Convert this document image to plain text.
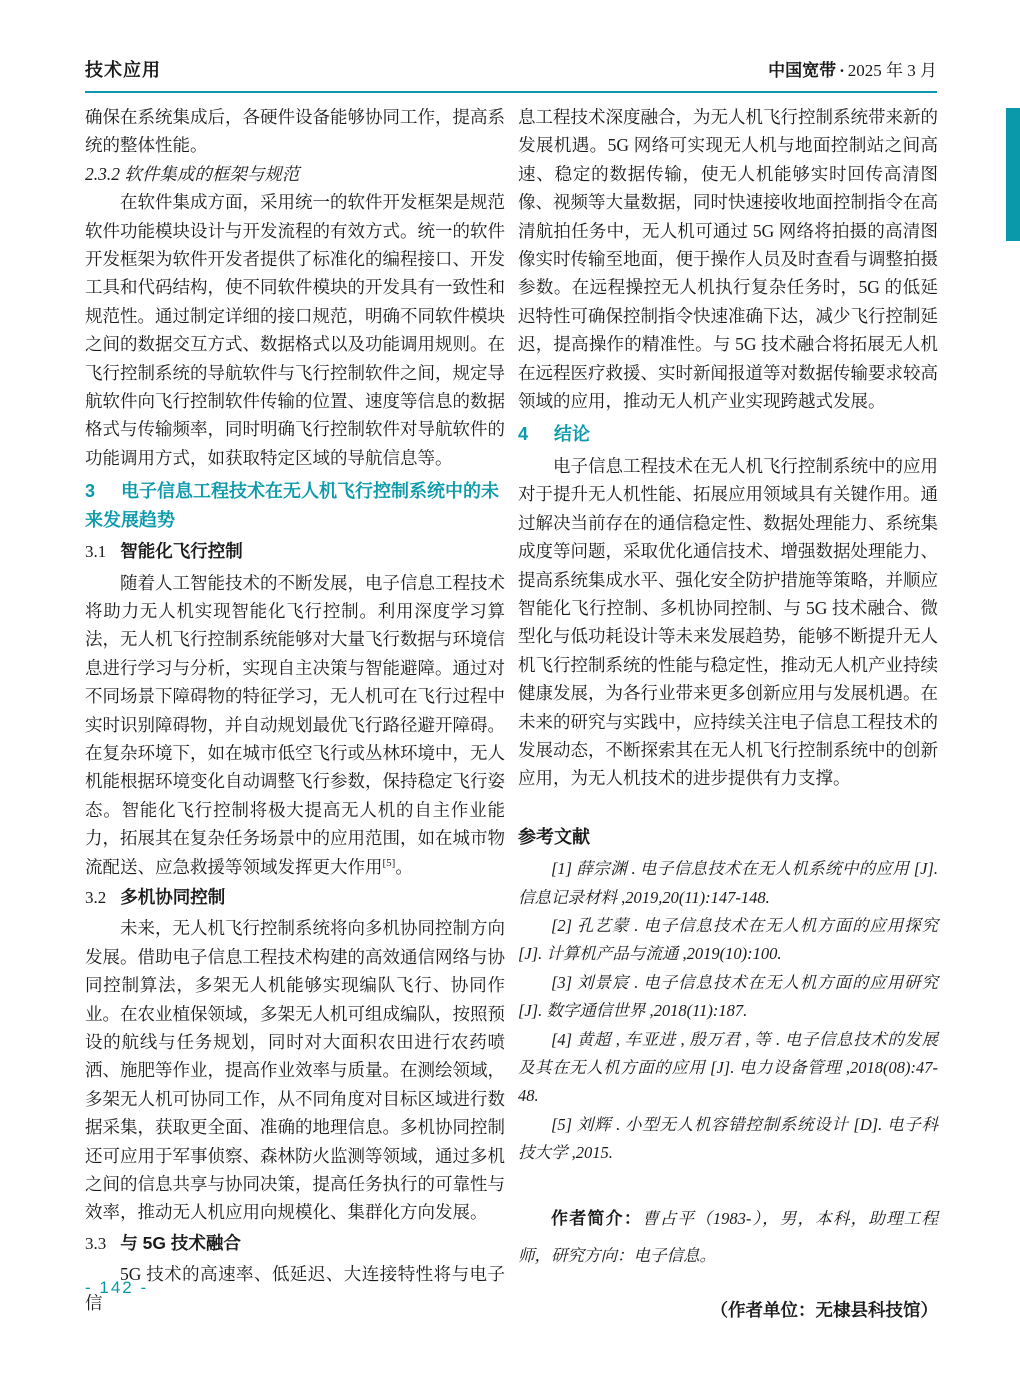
技术应用	中国宽带 · 2025 年 3 月

确保在系统集成后，各硬件设备能够协同工作，提高系统的整体性能。

2.3.2 软件集成的框架与规范

在软件集成方面，采用统一的软件开发框架是规范软件功能模块设计与开发流程的有效方式。统一的软件开发框架为软件开发者提供了标准化的编程接口、开发工具和代码结构，使不同软件模块的开发具有一致性和规范性。通过制定详细的接口规范，明确不同软件模块之间的数据交互方式、数据格式以及功能调用规则。在飞行控制系统的导航软件与飞行控制软件之间，规定导航软件向飞行控制软件传输的位置、速度等信息的数据格式与传输频率，同时明确飞行控制软件对导航软件的功能调用方式，如获取特定区域的导航信息等。

3 电子信息工程技术在无人机飞行控制系统中的未来发展趋势

3.1 智能化飞行控制

随着人工智能技术的不断发展，电子信息工程技术将助力无人机实现智能化飞行控制。利用深度学习算法，无人机飞行控制系统能够对大量飞行数据与环境信息进行学习与分析，实现自主决策与智能避障。通过对不同场景下障碍物的特征学习，无人机可在飞行过程中实时识别障碍物，并自动规划最优飞行路径避开障碍。在复杂环境下，如在城市低空飞行或丛林环境中，无人机能根据环境变化自动调整飞行参数，保持稳定飞行姿态。智能化飞行控制将极大提高无人机的自主作业能力，拓展其在复杂任务场景中的应用范围，如在城市物流配送、应急救援等领域发挥更大作用[5]。

3.2 多机协同控制

未来，无人机飞行控制系统将向多机协同控制方向发展。借助电子信息工程技术构建的高效通信网络与协同控制算法，多架无人机能够实现编队飞行、协同作业。在农业植保领域，多架无人机可组成编队，按照预设的航线与任务规划，同时对大面积农田进行农药喷洒、施肥等作业，提高作业效率与质量。在测绘领域，多架无人机可协同工作，从不同角度对目标区域进行数据采集，获取更全面、准确的地理信息。多机协同控制还可应用于军事侦察、森林防火监测等领域，通过多机之间的信息共享与协同决策，提高任务执行的可靠性与效率，推动无人机应用向规模化、集群化方向发展。

3.3 与 5G 技术融合

5G 技术的高速率、低延迟、大连接特性将与电子信

息工程技术深度融合，为无人机飞行控制系统带来新的发展机遇。5G 网络可实现无人机与地面控制站之间高速、稳定的数据传输，使无人机能够实时回传高清图像、视频等大量数据，同时快速接收地面控制指令在高清航拍任务中，无人机可通过 5G 网络将拍摄的高清图像实时传输至地面，便于操作人员及时查看与调整拍摄参数。在远程操控无人机执行复杂任务时，5G 的低延迟特性可确保控制指令快速准确下达，减少飞行控制延迟，提高操作的精准性。与 5G 技术融合将拓展无人机在远程医疗救援、实时新闻报道等对数据传输要求较高领域的应用，推动无人机产业实现跨越式发展。

4 结论

电子信息工程技术在无人机飞行控制系统中的应用对于提升无人机性能、拓展应用领域具有关键作用。通过解决当前存在的通信稳定性、数据处理能力、系统集成度等问题，采取优化通信技术、增强数据处理能力、提高系统集成水平、强化安全防护措施等策略，并顺应智能化飞行控制、多机协同控制、与 5G 技术融合、微型化与低功耗设计等未来发展趋势，能够不断提升无人机飞行控制系统的性能与稳定性，推动无人机产业持续健康发展，为各行业带来更多创新应用与发展机遇。在未来的研究与实践中，应持续关注电子信息工程技术的发展动态，不断探索其在无人机飞行控制系统中的创新应用，为无人机技术的进步提供有力支撑。

参考文献

[1] 薛宗渊 . 电子信息技术在无人机系统中的应用 [J]. 信息记录材料 ,2019,20(11):147-148.

[2] 孔艺蒙 . 电子信息技术在无人机方面的应用探究 [J]. 计算机产品与流通 ,2019(10):100.

[3] 刘景宸 . 电子信息技术在无人机方面的应用研究 [J]. 数字通信世界 ,2018(11):187.

[4] 黄超 , 车亚进 , 殷万君 , 等 . 电子信息技术的发展及其在无人机方面的应用 [J]. 电力设备管理 ,2018(08):47-48.

[5] 刘辉 . 小型无人机容错控制系统设计 [D]. 电子科技大学 ,2015.

作者简介：曹占平（1983-），男，本科，助理工程师，研究方向：电子信息。

（作者单位：无棣县科技馆）

- 142 -
